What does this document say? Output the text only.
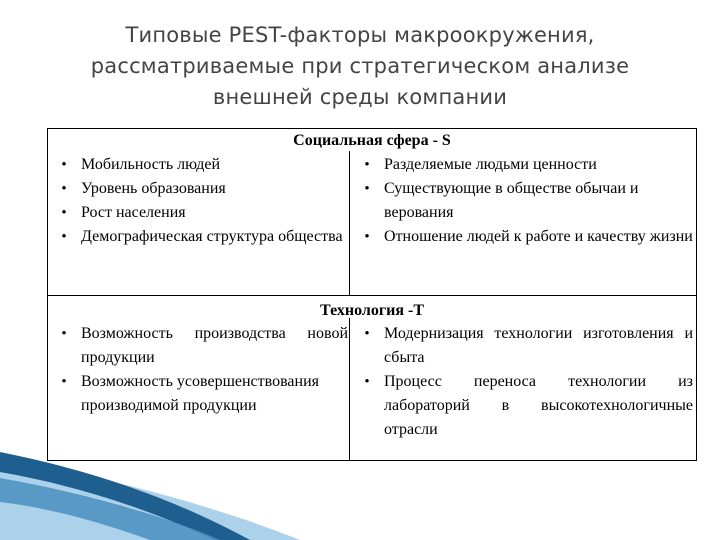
Типовые PEST-факторы макроокружения,
рассматриваемые при стратегическом анализе
внешней среды компании
Социальная сфера - S
• Мобильность людей
• Уровень образования
• Рост населения
• Демографическая структура общества
• Разделяемые людьми ценности
• Существующие в обществе обычаи и верования
• Отношение людей к работе и качеству жизни
Технология -T
• Возможность производства новой продукции
• Возможность усовершенствования производимой продукции
• Модернизация технологии изготовления и сбыта
• Процесс переноса технологии из лабораторий в высокотехнологичные отрасли
